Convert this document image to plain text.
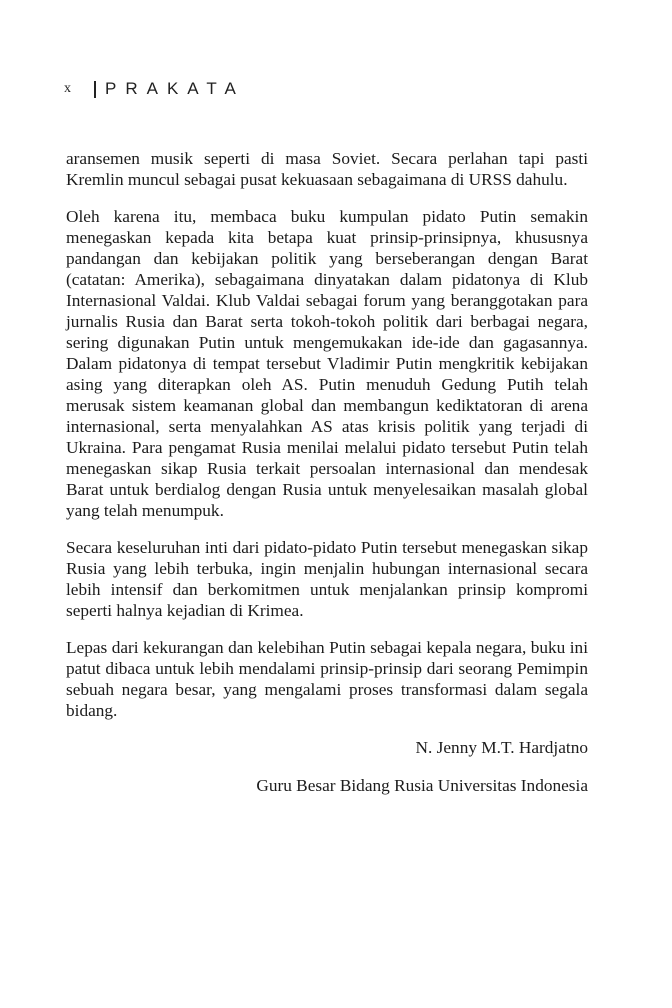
x	PRAKATA

aransemen musik seperti di masa Soviet. Secara perlahan tapi pasti Kremlin muncul sebagai pusat kekuasaan sebagaimana di URSS dahulu.

Oleh karena itu, membaca buku kumpulan pidato Putin semakin menegaskan kepada kita betapa kuat prinsip-prinsipnya, khususnya pandangan dan kebijakan politik yang berseberangan dengan Barat (catatan: Amerika), sebagaimana dinyatakan dalam pidatonya di Klub Internasional Valdai. Klub Valdai sebagai forum yang beranggotakan para jurnalis Rusia dan Barat serta tokoh-tokoh politik dari berbagai negara, sering digunakan Putin untuk mengemukakan ide-ide dan gagasannya. Dalam pidatonya di tempat tersebut Vladimir Putin mengkritik kebijakan asing yang diterapkan oleh AS. Putin menuduh Gedung Putih telah merusak sistem keamanan global dan membangun kediktatoran di arena internasional, serta menyalahkan AS atas krisis politik yang terjadi di Ukraina. Para pengamat Rusia menilai melalui pidato tersebut Putin telah menegaskan sikap Rusia terkait persoalan internasional dan mendesak Barat untuk berdialog dengan Rusia untuk menyelesaikan masalah global yang telah menumpuk.

Secara keseluruhan inti dari pidato-pidato Putin tersebut menegaskan sikap Rusia yang lebih terbuka, ingin menjalin hubungan internasional secara lebih intensif dan berkomitmen untuk menjalankan prinsip kompromi seperti halnya kejadian di Krimea.

Lepas dari kekurangan dan kelebihan Putin sebagai kepala negara, buku ini patut dibaca untuk lebih mendalami prinsip-prinsip dari seorang Pemimpin sebuah negara besar, yang mengalami proses transformasi dalam segala bidang.

N. Jenny M.T. Hardjatno
Guru Besar Bidang Rusia Universitas Indonesia
